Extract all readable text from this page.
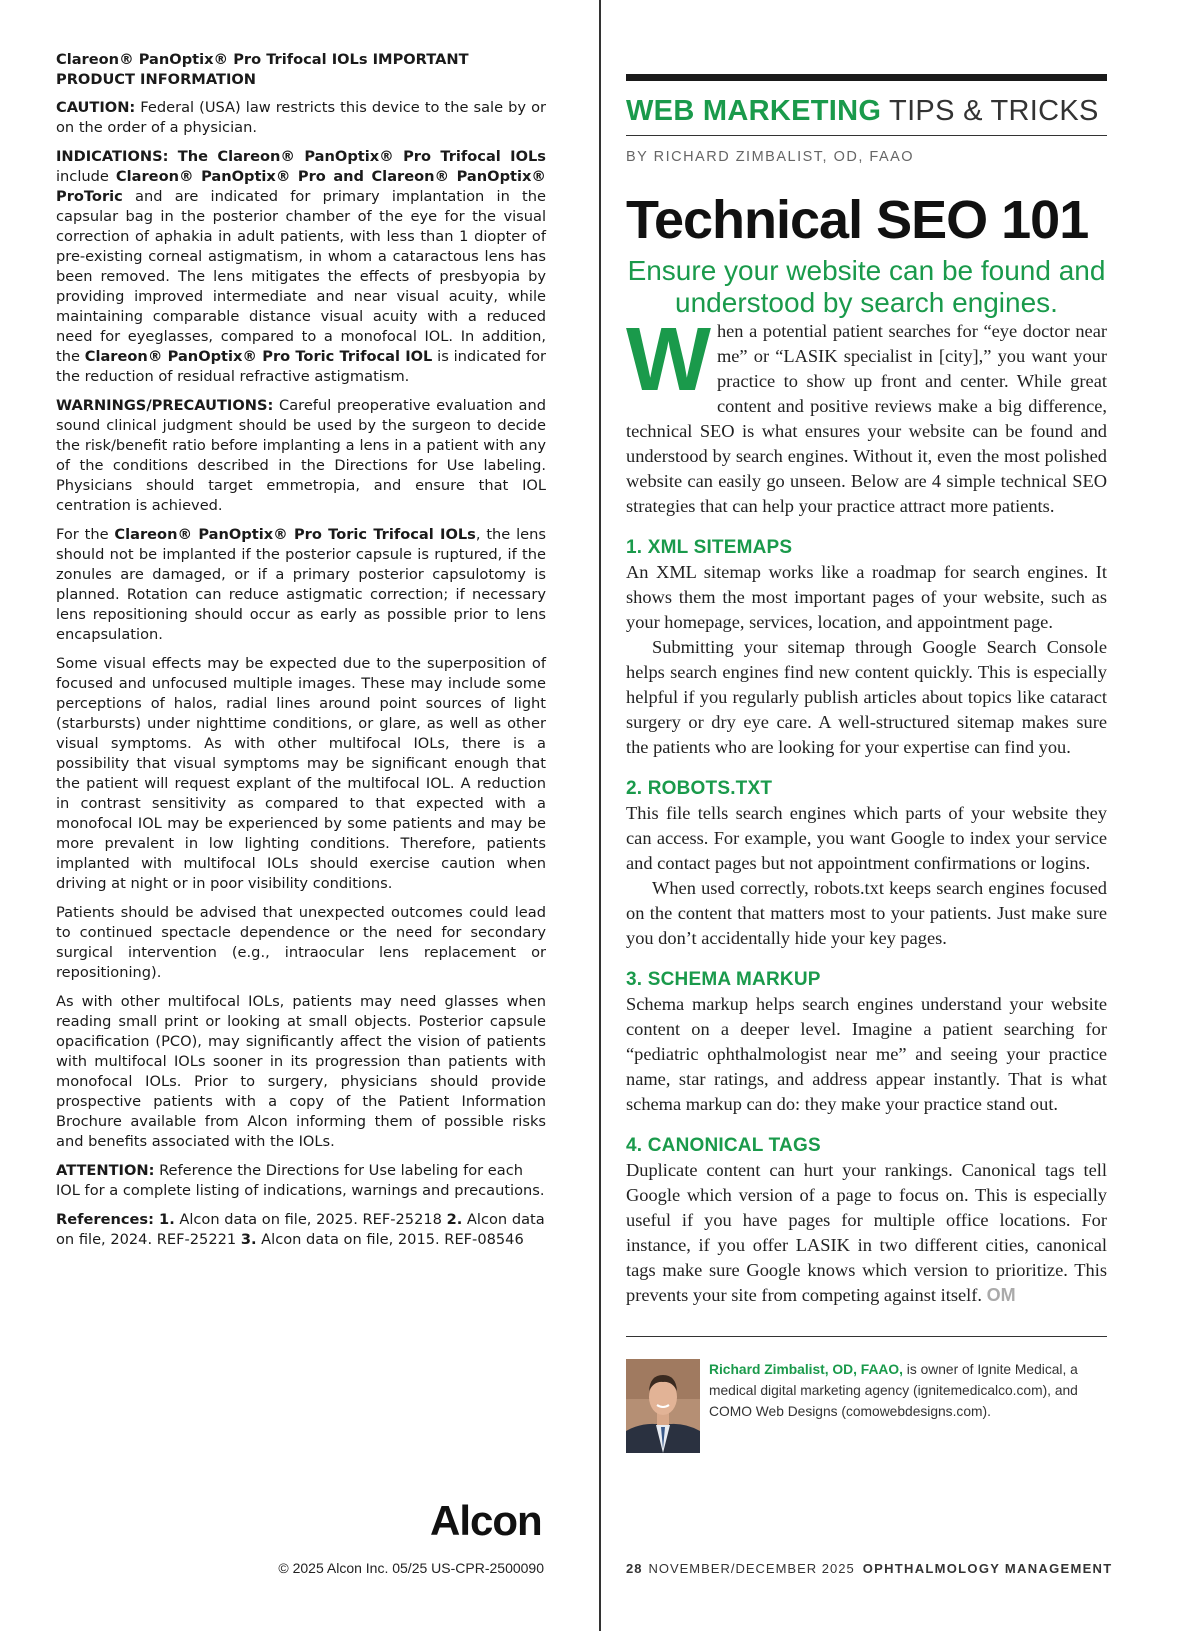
Clareon® PanOptix® Pro Trifocal IOLs IMPORTANT PRODUCT INFORMATION

CAUTION: Federal (USA) law restricts this device to the sale by or on the order of a physician.

INDICATIONS: The Clareon® PanOptix® Pro Trifocal IOLs include Clareon® PanOptix® Pro and Clareon® PanOptix® ProToric and are indicated for primary implantation in the capsular bag in the posterior chamber of the eye for the visual correction of aphakia in adult patients, with less than 1 diopter of pre-existing corneal astigmatism, in whom a cataractous lens has been removed. The lens mitigates the effects of presbyopia by providing improved intermediate and near visual acuity, while maintaining comparable distance visual acuity with a reduced need for eyeglasses, compared to a monofocal IOL. In addition, the Clareon® PanOptix® Pro Toric Trifocal IOL is indicated for the reduction of residual refractive astigmatism.

WARNINGS/PRECAUTIONS: Careful preoperative evaluation and sound clinical judgment should be used by the surgeon to decide the risk/benefit ratio before implanting a lens in a patient with any of the conditions described in the Directions for Use labeling. Physicians should target emmetropia, and ensure that IOL centration is achieved.

For the Clareon® PanOptix® Pro Toric Trifocal IOLs, the lens should not be implanted if the posterior capsule is ruptured, if the zonules are damaged, or if a primary posterior capsulotomy is planned. Rotation can reduce astigmatic correction; if necessary lens repositioning should occur as early as possible prior to lens encapsulation.

Some visual effects may be expected due to the superposition of focused and unfocused multiple images. These may include some perceptions of halos, radial lines around point sources of light (starbursts) under nighttime conditions, or glare, as well as other visual symptoms. As with other multifocal IOLs, there is a possibility that visual symptoms may be significant enough that the patient will request explant of the multifocal IOL. A reduction in contrast sensitivity as compared to that expected with a monofocal IOL may be experienced by some patients and may be more prevalent in low lighting conditions. Therefore, patients implanted with multifocal IOLs should exercise caution when driving at night or in poor visibility conditions.

Patients should be advised that unexpected outcomes could lead to continued spectacle dependence or the need for secondary surgical intervention (e.g., intraocular lens replacement or repositioning).

As with other multifocal IOLs, patients may need glasses when reading small print or looking at small objects. Posterior capsule opacification (PCO), may significantly affect the vision of patients with multifocal IOLs sooner in its progression than patients with monofocal IOLs. Prior to surgery, physicians should provide prospective patients with a copy of the Patient Information Brochure available from Alcon informing them of possible risks and benefits associated with the IOLs.

ATTENTION: Reference the Directions for Use labeling for each IOL for a complete listing of indications, warnings and precautions.

References: 1. Alcon data on file, 2025. REF-25218 2. Alcon data on file, 2024. REF-25221 3. Alcon data on file, 2015. REF-08546

Alcon
© 2025 Alcon Inc. 05/25 US-CPR-2500090
WEB MARKETING TIPS & TRICKS
BY RICHARD ZIMBALIST, OD, FAAO
Technical SEO 101
Ensure your website can be found and understood by search engines.

When a potential patient searches for “eye doctor near me” or “LASIK specialist in [city],” you want your practice to show up front and center. While great content and positive reviews make a big difference, technical SEO is what ensures your website can be found and understood by search engines. Without it, even the most polished website can easily go unseen. Below are 4 simple technical SEO strategies that can help your practice attract more patients.

1. XML SITEMAPS

An XML sitemap works like a roadmap for search engines. It shows them the most important pages of your website, such as your homepage, services, location, and appointment page.

Submitting your sitemap through Google Search Console helps search engines find new content quickly. This is especially helpful if you regularly publish articles about topics like cataract surgery or dry eye care. A well-structured sitemap makes sure the patients who are looking for your expertise can find you.

2. ROBOTS.TXT

This file tells search engines which parts of your website they can access. For example, you want Google to index your service and contact pages but not appointment confirmations or logins.

When used correctly, robots.txt keeps search engines focused on the content that matters most to your patients. Just make sure you don’t accidentally hide your key pages.

3. SCHEMA MARKUP

Schema markup helps search engines understand your website content on a deeper level. Imagine a patient searching for “pediatric ophthalmologist near me” and seeing your practice name, star ratings, and address appear instantly. That is what schema markup can do: they make your practice stand out.

4. CANONICAL TAGS

Duplicate content can hurt your rankings. Canonical tags tell Google which version of a page to focus on. This is especially useful if you have pages for multiple office locations. For instance, if you offer LASIK in two different cities, canonical tags make sure Google knows which version to prioritize. This prevents your site from competing against itself. OM

Richard Zimbalist, OD, FAAO, is owner of Ignite Medical, a medical digital marketing agency (ignitemedicalco.com), and COMO Web Designs (comowebdesigns.com).
28 NOVEMBER/DECEMBER 2025 OPHTHALMOLOGY MANAGEMENT
